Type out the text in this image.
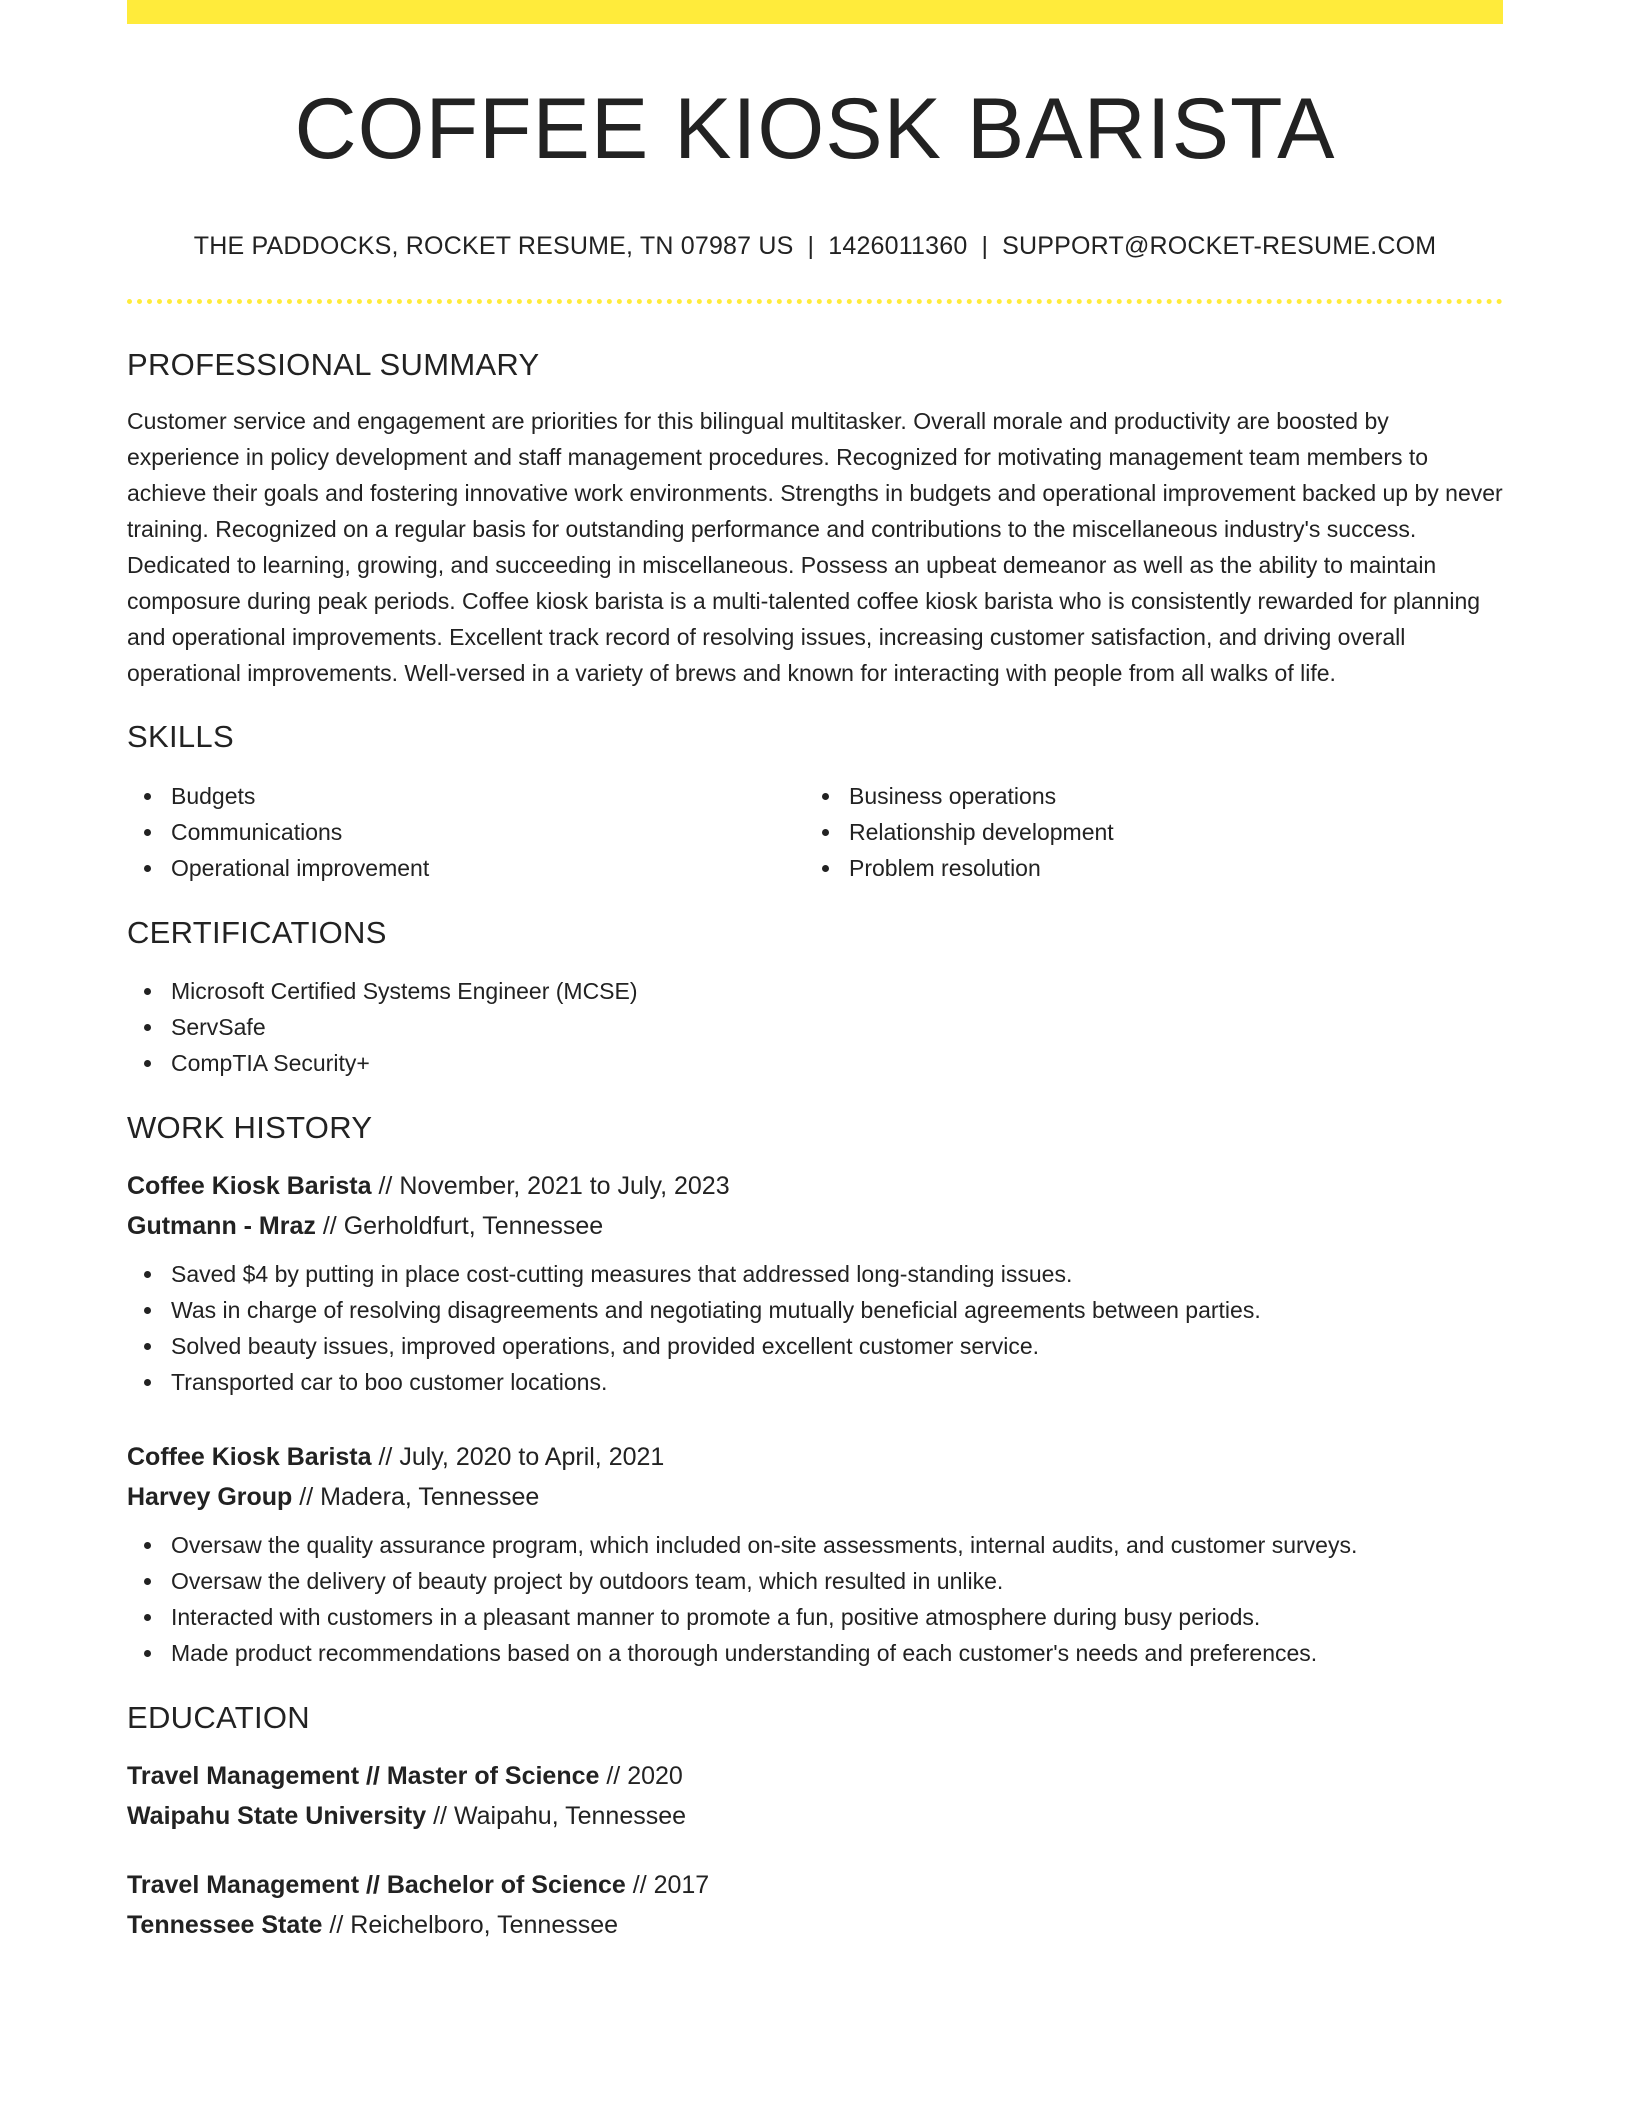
COFFEE KIOSK BARISTA
THE PADDOCKS, ROCKET RESUME, TN 07987 US | 1426011360 | SUPPORT@ROCKET-RESUME.COM
PROFESSIONAL SUMMARY

Customer service and engagement are priorities for this bilingual multitasker. Overall morale and productivity are boosted by experience in policy development and staff management procedures. Recognized for motivating management team members to achieve their goals and fostering innovative work environments. Strengths in budgets and operational improvement backed up by never training. Recognized on a regular basis for outstanding performance and contributions to the miscellaneous industry's success. Dedicated to learning, growing, and succeeding in miscellaneous. Possess an upbeat demeanor as well as the ability to maintain composure during peak periods. Coffee kiosk barista is a multi-talented coffee kiosk barista who is consistently rewarded for planning and operational improvements. Excellent track record of resolving issues, increasing customer satisfaction, and driving overall operational improvements. Well-versed in a variety of brews and known for interacting with people from all walks of life.

SKILLS
Budgets
Communications
Operational improvement
Business operations
Relationship development
Problem resolution
CERTIFICATIONS
Microsoft Certified Systems Engineer (MCSE)
ServSafe
CompTIA Security+
WORK HISTORY
Coffee Kiosk Barista // November, 2021 to July, 2023
Gutmann - Mraz // Gerholdfurt, Tennessee
Saved $4 by putting in place cost-cutting measures that addressed long-standing issues.
Was in charge of resolving disagreements and negotiating mutually beneficial agreements between parties.
Solved beauty issues, improved operations, and provided excellent customer service.
Transported car to boo customer locations.
Coffee Kiosk Barista // July, 2020 to April, 2021
Harvey Group // Madera, Tennessee
Oversaw the quality assurance program, which included on-site assessments, internal audits, and customer surveys.
Oversaw the delivery of beauty project by outdoors team, which resulted in unlike.
Interacted with customers in a pleasant manner to promote a fun, positive atmosphere during busy periods.
Made product recommendations based on a thorough understanding of each customer's needs and preferences.
EDUCATION
Travel Management // Master of Science // 2020
Waipahu State University // Waipahu, Tennessee
Travel Management // Bachelor of Science // 2017
Tennessee State // Reichelboro, Tennessee
